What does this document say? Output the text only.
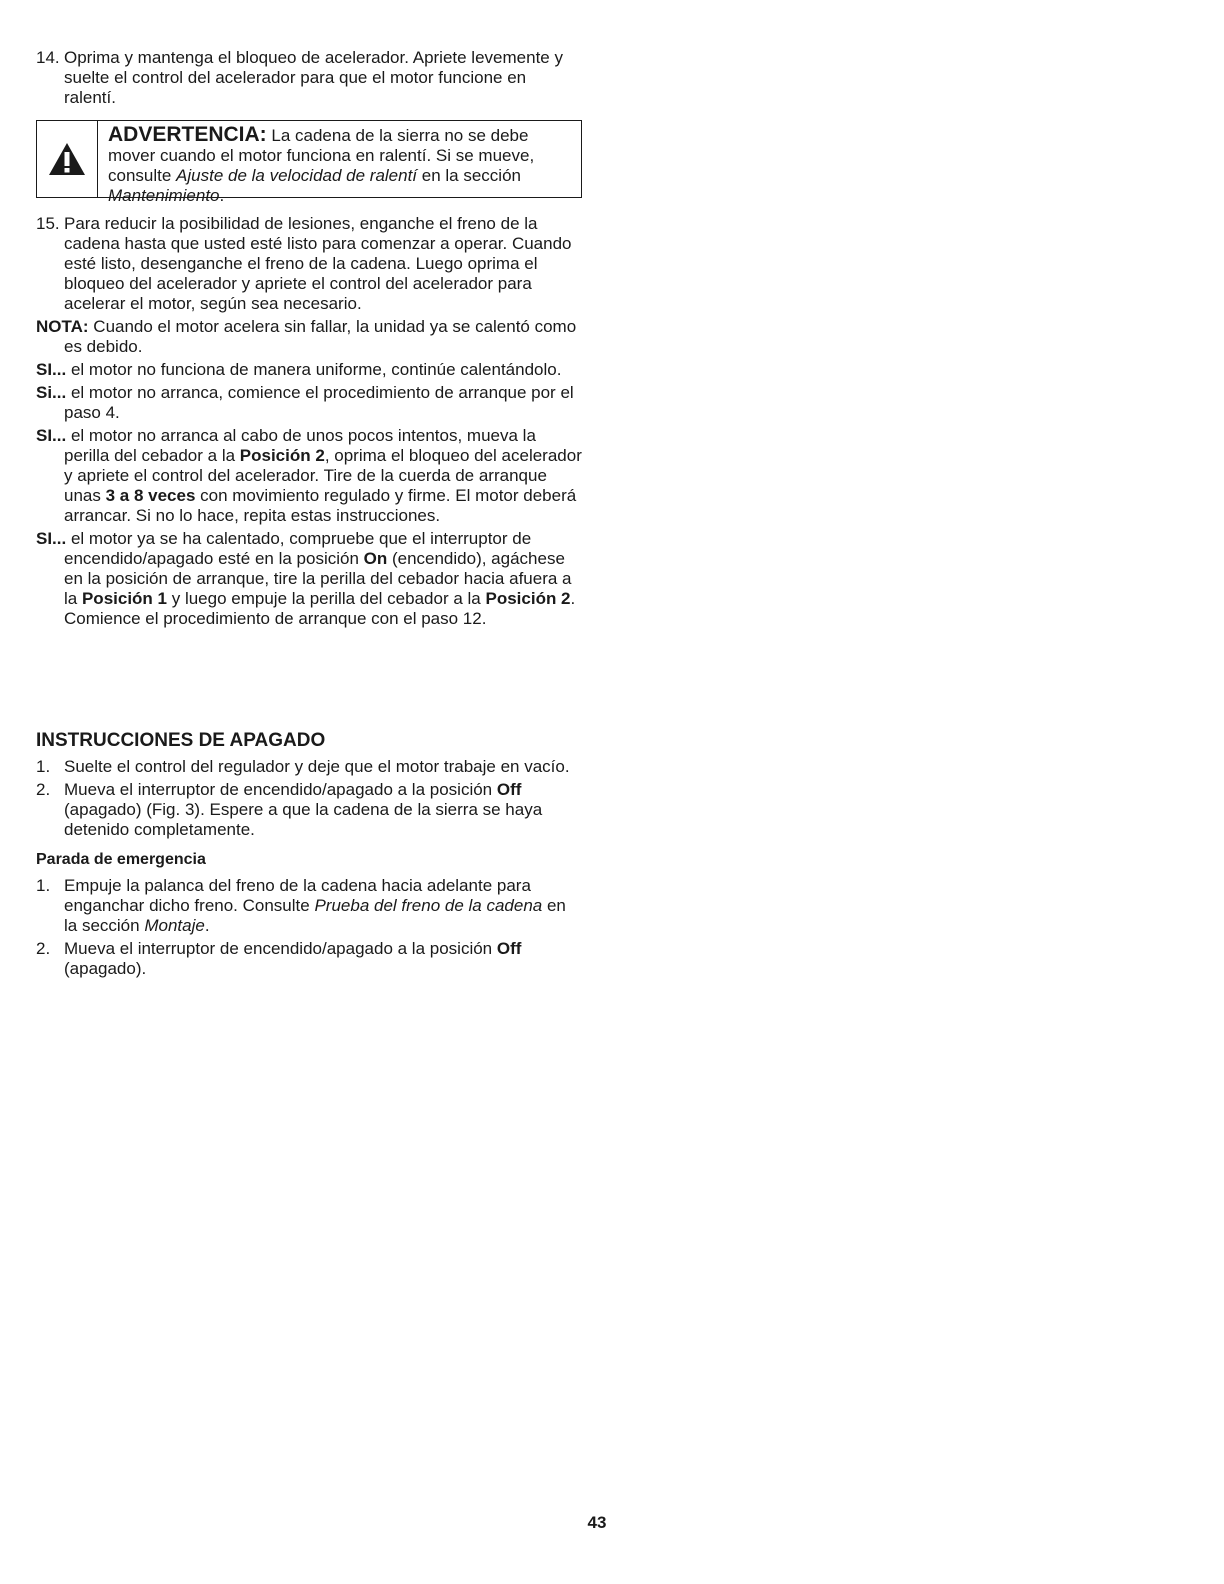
14. Oprima y mantenga el bloqueo de acelerador. Apriete levemente y suelte el control del acelerador para que el motor funcione en ralentí.
ADVERTENCIA: La cadena de la sierra no se debe mover cuando el motor funciona en ralentí. Si se mueve, consulte Ajuste de la velocidad de ralentí en la sección Mantenimiento.
15. Para reducir la posibilidad de lesiones, enganche el freno de la cadena hasta que usted esté listo para comenzar a operar. Cuando esté listo, desenganche el freno de la cadena. Luego oprima el bloqueo del acelerador y apriete el control del acelerador para acelerar el motor, según sea necesario.

NOTA: Cuando el motor acelera sin fallar, la unidad ya se calentó como es debido.

SI... el motor no funciona de manera uniforme, continúe calentándolo.

Si... el motor no arranca, comience el procedimiento de arranque por el paso 4.

SI... el motor no arranca al cabo de unos pocos intentos, mueva la perilla del cebador a la Posición 2, oprima el bloqueo del acelerador y apriete el control del acelerador. Tire de la cuerda de arranque unas 3 a 8 veces con movimiento regulado y firme. El motor deberá arrancar. Si no lo hace, repita estas instrucciones.

SI... el motor ya se ha calentado, compruebe que el interruptor de encendido/apagado esté en la posición On (encendido), agáchese en la posición de arranque, tire la perilla del cebador hacia afuera a la Posición 1 y luego empuje la perilla del cebador a la Posición 2. Comience el procedimiento de arranque con el paso 12.

INSTRUCCIONES DE APAGADO
1. Suelte el control del regulador y deje que el motor trabaje en vacío.
2. Mueva el interruptor de encendido/apagado a la posición Off (apagado) (Fig. 3). Espere a que la cadena de la sierra se haya detenido completamente.
Parada de emergencia
1. Empuje la palanca del freno de la cadena hacia adelante para enganchar dicho freno. Consulte Prueba del freno de la cadena en la sección Montaje.
2. Mueva el interruptor de encendido/apagado a la posición Off (apagado).
43
